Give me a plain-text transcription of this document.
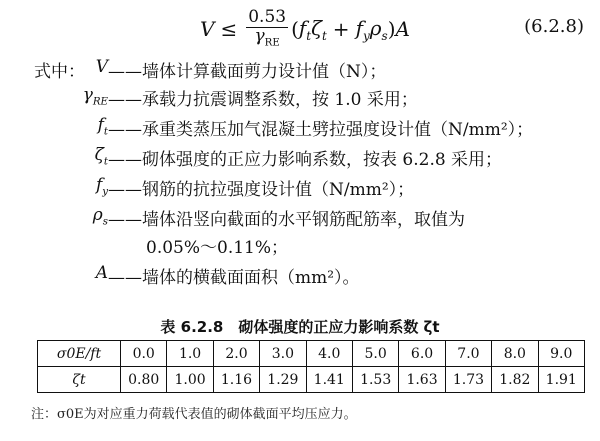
$V \le \frac{0.53}{\gamma_{RE}}$ ( $f_t$ $\zeta_t + f_y$ $\rho_s$ ) A	(6.2.8)
式中： V ——墙体计算截面剪力设计值（N）；
$\gamma_{RE}$ ——承载力抗震调整系数，按 1.0 采用；
$f_t$ ——承重类蒸压加气混凝土劈拉强度设计值（N/mm²）；
$\zeta_t$ ——砌体强度的正应力影响系数，按表 6.2.8 采用；
$f_y$ ——钢筋的抗拉强度设计值（N/mm²）；
$\rho_s$ ——墙体沿竖向截面的水平钢筋配筋率，取值为
0.05%～0.11%；
A ——墙体的横截面面积（mm²）。
表 6.2.8　砌体强度的正应力影响系数 ζt
σ0E/ft	0.0	1.0	2.0	3.0	4.0	5.0	6.0	7.0	8.0	9.0
ζt	0.80	1.00	1.16	1.29	1.41	1.53	1.63	1.73	1.82	1.91
注：σ0E为对应重力荷载代表值的砌体截面平均压应力。
